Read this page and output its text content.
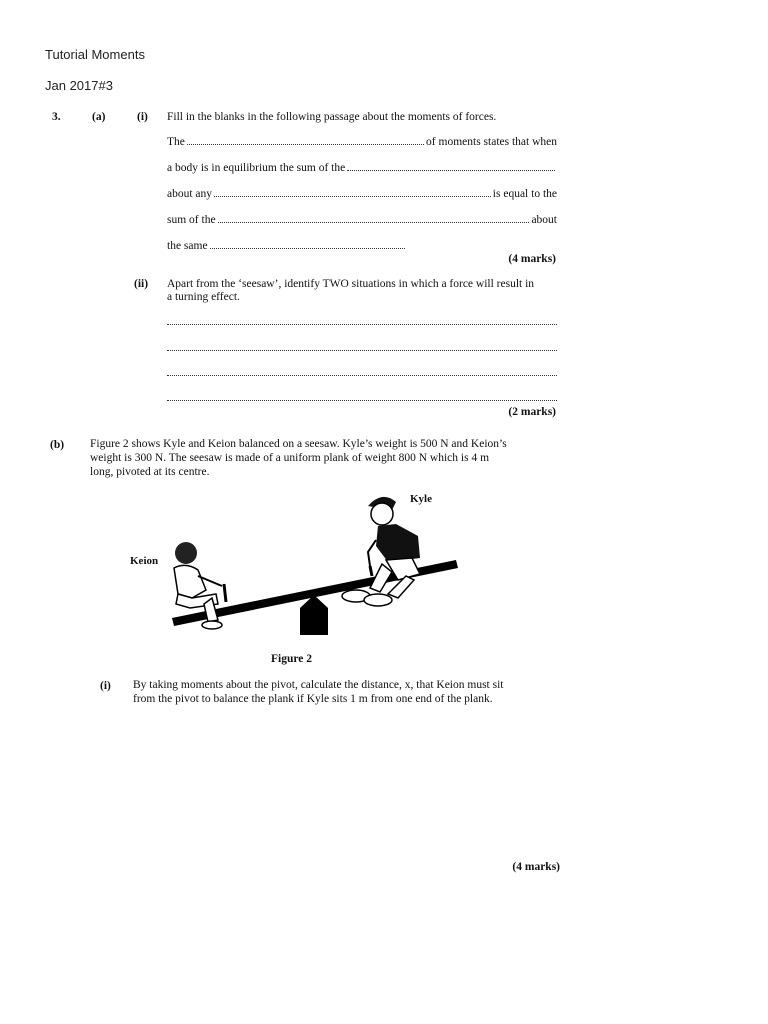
Tutorial Moments
Jan 2017#3
3.	(a)	(i) Fill in the blanks in the following passage about the moments of forces.
The	of moments states that when
a body is in equilibrium the sum of the
about any	is equal to the
sum of the	about
the same
(4 marks)
(ii) Apart from the ‘seesaw’, identify TWO situations in which a force will result in
a turning effect.
(2 marks)
(b) Figure 2 shows Kyle and Keion balanced on a seesaw. Kyle’s weight is 500 N and Keion’s
weight is 300 N. The seesaw is made of a uniform plank of weight 800 N which is 4 m
long, pivoted at its centre.
Kyle
Keion
Figure 2
(i) By taking moments about the pivot, calculate the distance, x, that Keion must sit
from the pivot to balance the plank if Kyle sits 1 m from one end of the plank.
(4 marks)
